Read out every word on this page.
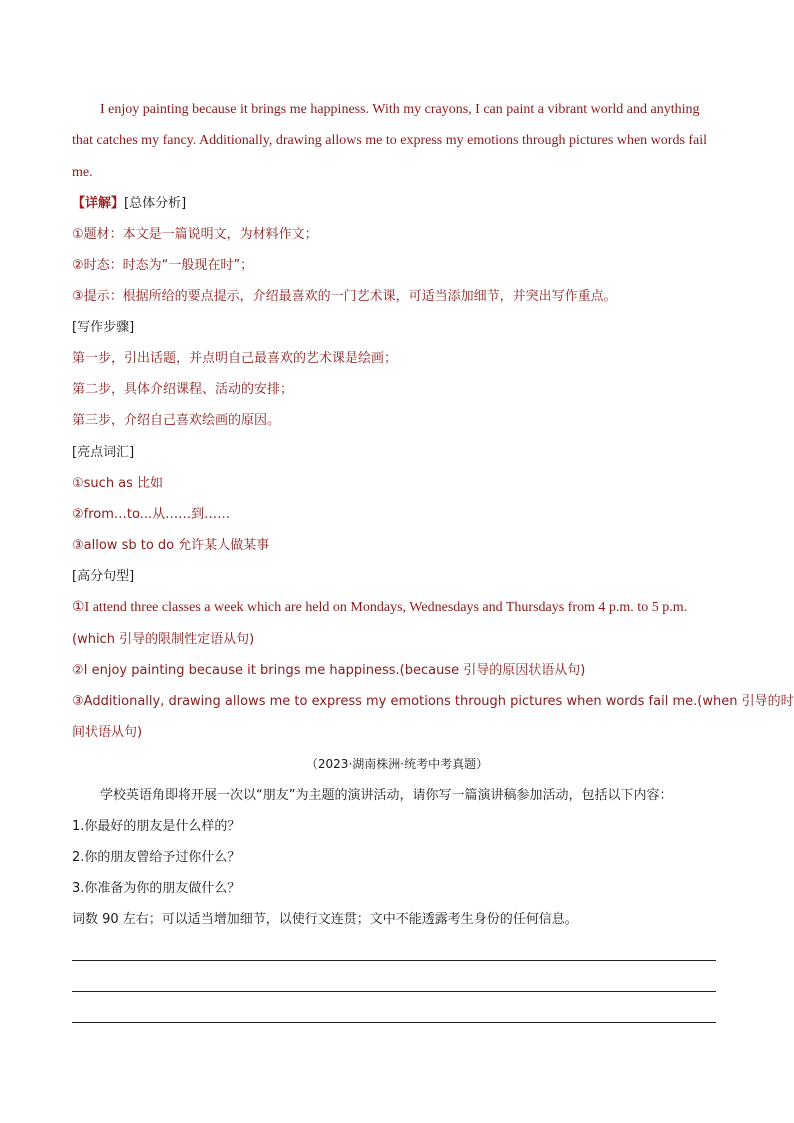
I enjoy painting because it brings me happiness. With my crayons, I can paint a vibrant world and anything
that catches my fancy. Additionally, drawing allows me to express my emotions through pictures when words fail
me.
【详解】[总体分析]
①题材：本文是一篇说明文，为材料作文；
②时态：时态为“一般现在时”；
③提示：根据所给的要点提示，介绍最喜欢的一门艺术课，可适当添加细节，并突出写作重点。
[写作步骤]
第一步，引出话题，并点明自己最喜欢的艺术课是绘画；
第二步，具体介绍课程、活动的安排；
第三步，介绍自己喜欢绘画的原因。
[亮点词汇]
①such as 比如
②from…to...从……到……
③allow sb to do 允许某人做某事
[高分句型]
①I attend three classes a week which are held on Mondays, Wednesdays and Thursdays from 4 p.m. to 5 p.m.
(which 引导的限制性定语从句)
②I enjoy painting because it brings me happiness.(because 引导的原因状语从句)
③Additionally, drawing allows me to express my emotions through pictures when words fail me.(when 引导的时
间状语从句)
（2023·湖南株洲·统考中考真题）
学校英语角即将开展一次以“朋友”为主题的演讲活动，请你写一篇演讲稿参加活动，包括以下内容：
1.你最好的朋友是什么样的？
2.你的朋友曾给予过你什么？
3.你准备为你的朋友做什么？
词数 90 左右；可以适当增加细节，以使行文连贯；文中不能透露考生身份的任何信息。
